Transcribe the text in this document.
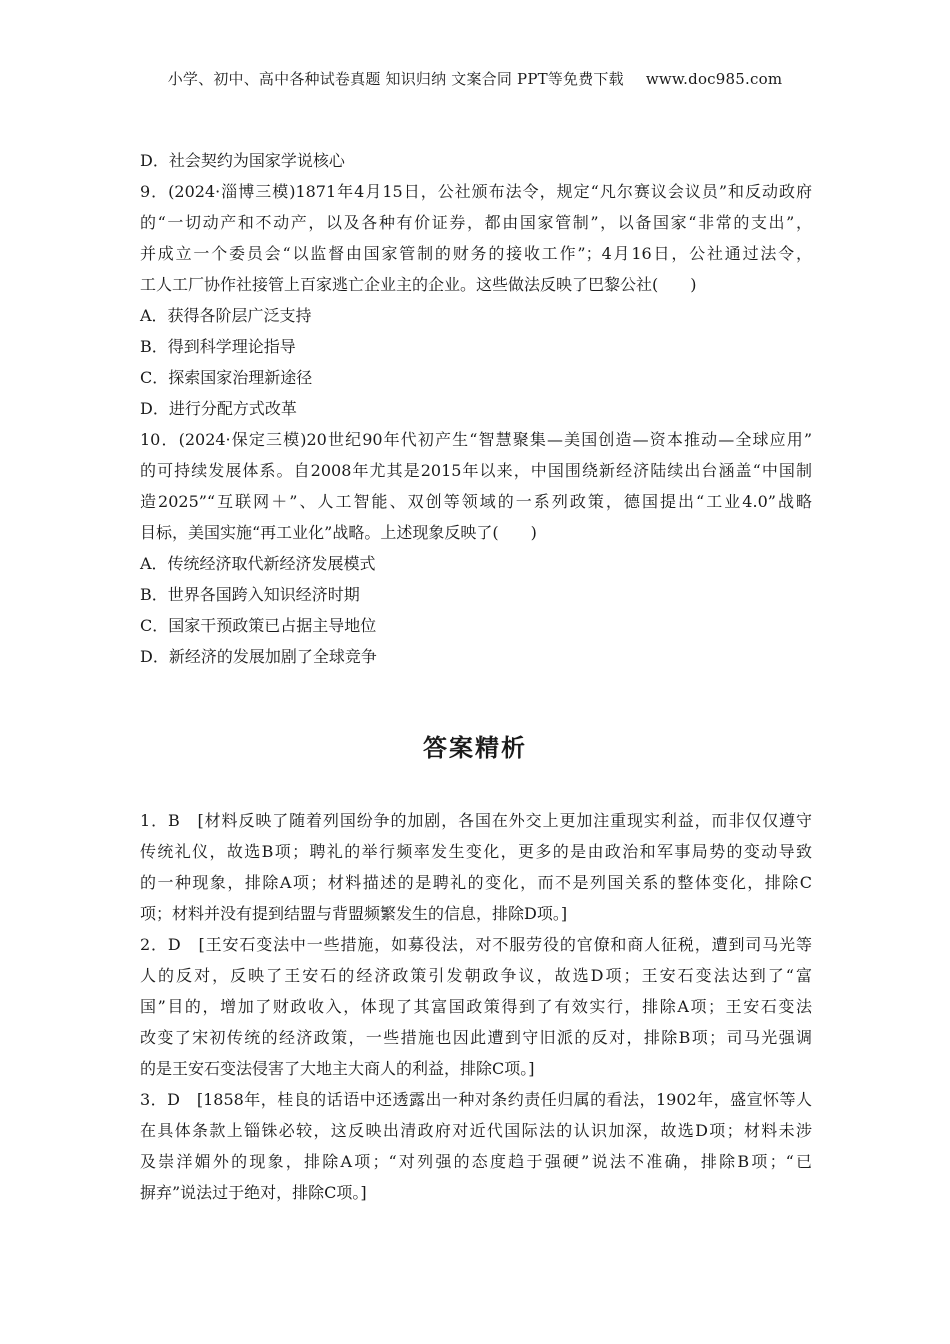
小学、初中、高中各种试卷真题 知识归纳 文案合同 PPT等免费下载 www.doc985.com
D．社会契约为国家学说核心
9．(2024·淄博三模)1871年4月15日，公社颁布法令，规定“凡尔赛议会议员”和反动政府
的“一切动产和不动产，以及各种有价证券，都由国家管制”，以备国家“非常的支出”，
并成立一个委员会“以监督由国家管制的财务的接收工作”；4月16日，公社通过法令，
工人工厂协作社接管上百家逃亡企业主的企业。这些做法反映了巴黎公社(　　)
A．获得各阶层广泛支持
B．得到科学理论指导
C．探索国家治理新途径
D．进行分配方式改革
10．(2024·保定三模)20世纪90年代初产生“智慧聚集—美国创造—资本推动—全球应用”
的可持续发展体系。自2008年尤其是2015年以来，中国围绕新经济陆续出台涵盖“中国制
造2025”“互联网＋”、人工智能、双创等领域的一系列政策，德国提出“工业4.0”战略
目标，美国实施“再工业化”战略。上述现象反映了(　　)
A．传统经济取代新经济发展模式
B．世界各国跨入知识经济时期
C．国家干预政策已占据主导地位
D．新经济的发展加剧了全球竞争
答案精析
1．B　[材料反映了随着列国纷争的加剧，各国在外交上更加注重现实利益，而非仅仅遵守
传统礼仪，故选B项；聘礼的举行频率发生变化，更多的是由政治和军事局势的变动导致
的一种现象，排除A项；材料描述的是聘礼的变化，而不是列国关系的整体变化，排除C
项；材料并没有提到结盟与背盟频繁发生的信息，排除D项。]
2．D　[王安石变法中一些措施，如募役法，对不服劳役的官僚和商人征税，遭到司马光等
人的反对，反映了王安石的经济政策引发朝政争议，故选D项；王安石变法达到了“富
国”目的，增加了财政收入，体现了其富国政策得到了有效实行，排除A项；王安石变法
改变了宋初传统的经济政策，一些措施也因此遭到守旧派的反对，排除B项；司马光强调
的是王安石变法侵害了大地主大商人的利益，排除C项。]
3．D　[1858年，桂良的话语中还透露出一种对条约责任归属的看法，1902年，盛宣怀等人
在具体条款上锱铢必较，这反映出清政府对近代国际法的认识加深，故选D项；材料未涉
及崇洋媚外的现象，排除A项；“对列强的态度趋于强硬”说法不准确，排除B项；“已
摒弃”说法过于绝对，排除C项。]
